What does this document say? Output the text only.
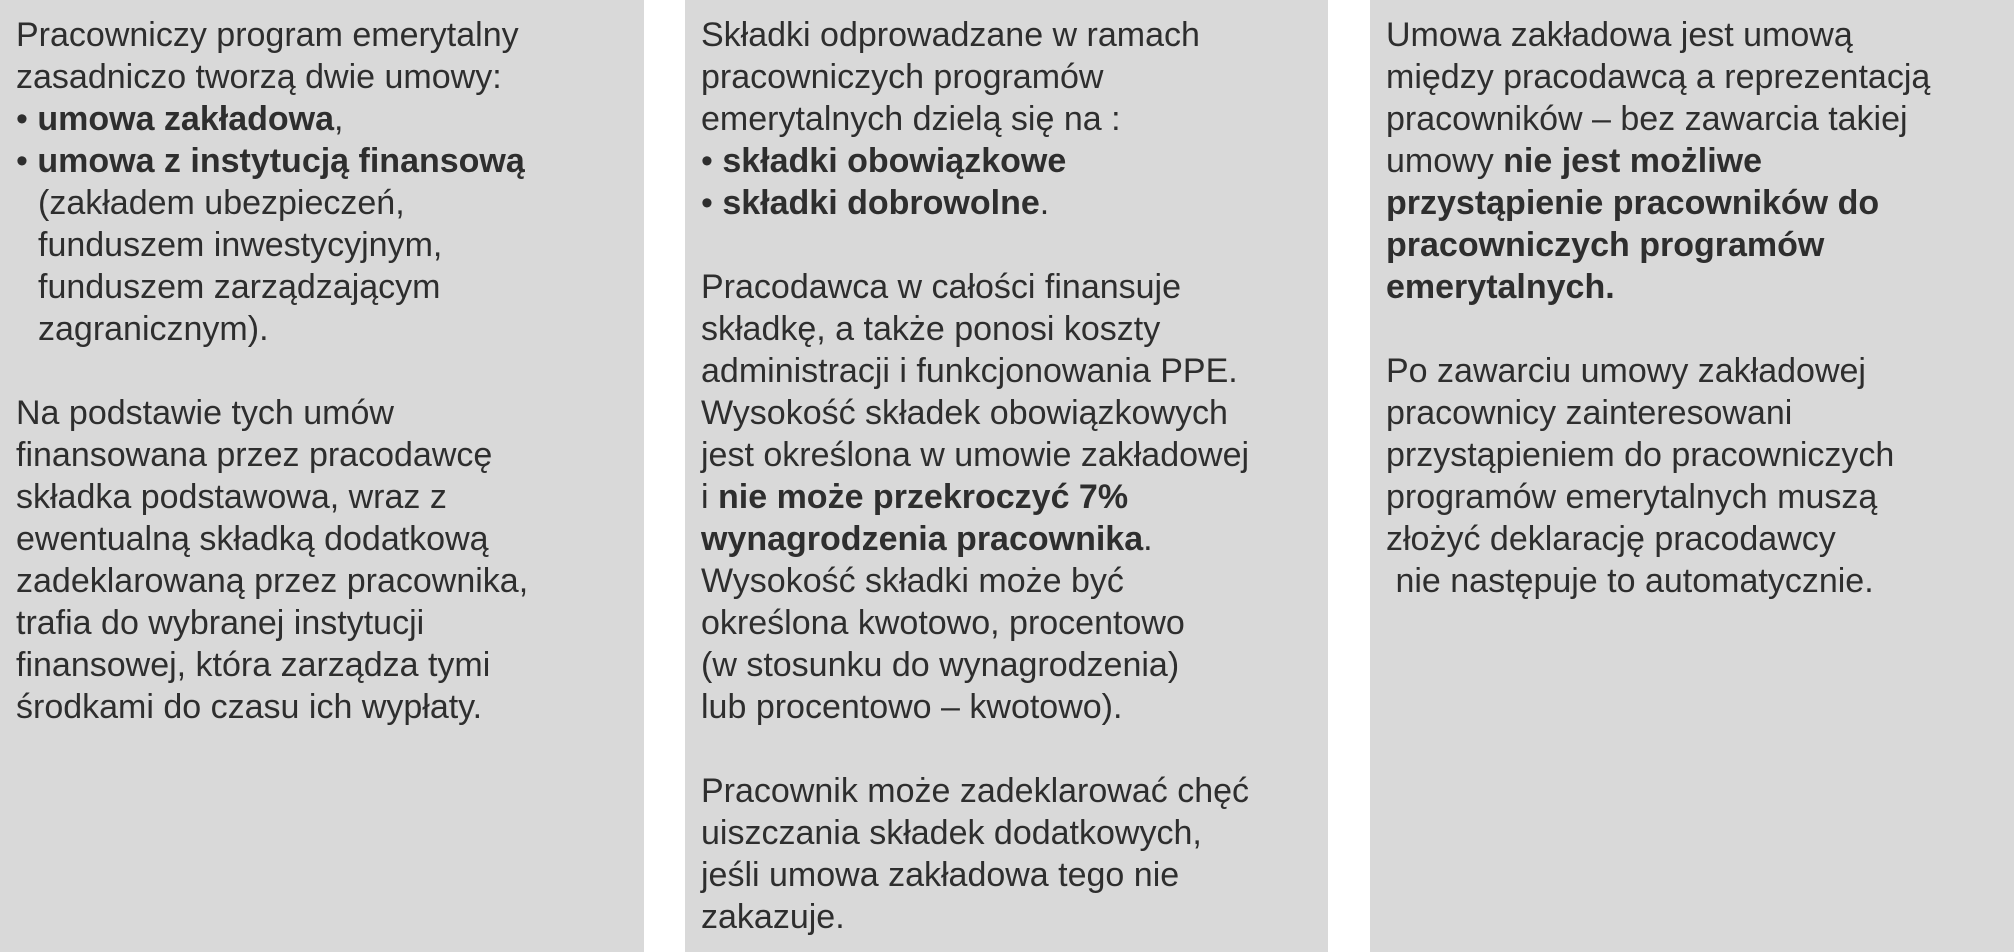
Pracowniczy program emerytalny
zasadniczo tworzą dwie umowy:
• umowa zakładowa,
• umowa z instytucją finansową
(zakładem ubezpieczeń,
funduszem inwestycyjnym,
funduszem zarządzającym
zagranicznym).
Na podstawie tych umów
finansowana przez pracodawcę
składka podstawowa, wraz z
ewentualną składką dodatkową
zadeklarowaną przez pracownika,
trafia do wybranej instytucji
finansowej, która zarządza tymi
środkami do czasu ich wypłaty.
Składki odprowadzane w ramach
pracowniczych programów
emerytalnych dzielą się na :
• składki obowiązkowe
• składki dobrowolne.
Pracodawca w całości finansuje
składkę, a także ponosi koszty
administracji i funkcjonowania PPE.
Wysokość składek obowiązkowych
jest określona w umowie zakładowej
i nie może przekroczyć 7%
wynagrodzenia pracownika.
Wysokość składki może być
określona kwotowo, procentowo
(w stosunku do wynagrodzenia)
lub procentowo – kwotowo).
Pracownik może zadeklarować chęć
uiszczania składek dodatkowych,
jeśli umowa zakładowa tego nie
zakazuje.
Umowa zakładowa jest umową
między pracodawcą a reprezentacją
pracowników – bez zawarcia takiej
umowy nie jest możliwe
przystąpienie pracowników do
pracowniczych programów
emerytalnych.
Po zawarciu umowy zakładowej
pracownicy zainteresowani
przystąpieniem do pracowniczych
programów emerytalnych muszą
złożyć deklarację pracodawcy
nie następuje to automatycznie.
